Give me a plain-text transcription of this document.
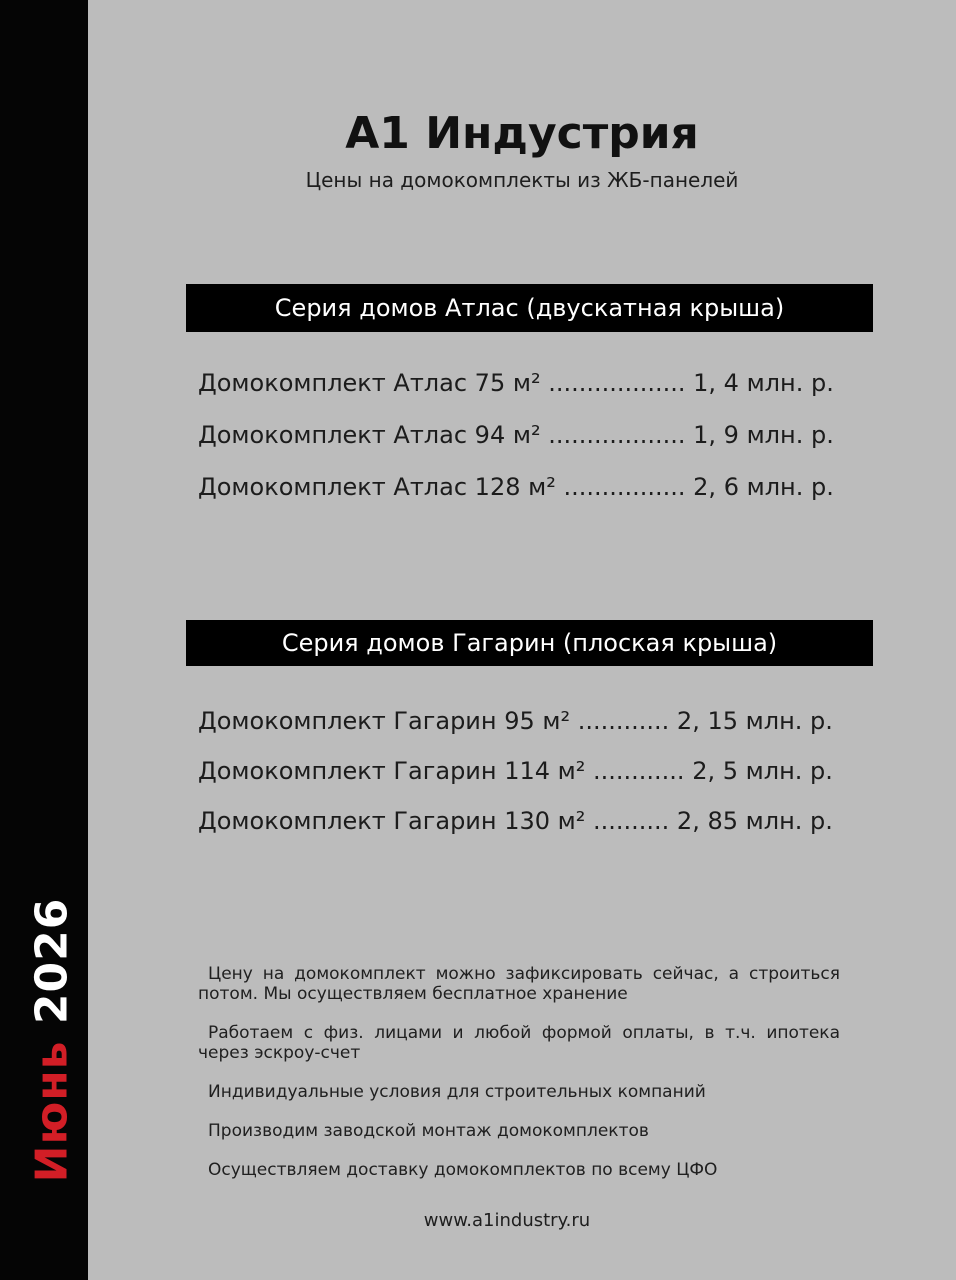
Июнь 2026
А1 Индустрия
Цены на домокомплекты из ЖБ-панелей
Серия домов Атлас (двускатная крыша)
Домокомплект Атлас 75 м² .................. 1, 4 млн. р.
Домокомплект Атлас 94 м² .................. 1, 9 млн. р.
Домокомплект Атлас 128 м² ................ 2, 6 млн. р.
Серия домов Гагарин (плоская крыша)
Домокомплект Гагарин 95 м² ............ 2, 15 млн. р.
Домокомплект Гагарин 114 м² ............ 2, 5 млн. р.
Домокомплект Гагарин 130 м² .......... 2, 85 млн. р.
Цену на домокомплект можно зафиксировать сейчас, а строиться потом. Мы осуществляем бесплатное хранение
Работаем с физ. лицами и любой формой оплаты, в т.ч. ипотека через эскроу-счет
Индивидуальные условия для строительных компаний
Производим заводской монтаж домокомплектов
Осуществляем доставку домокомплектов по всему ЦФО
www.a1industry.ru
